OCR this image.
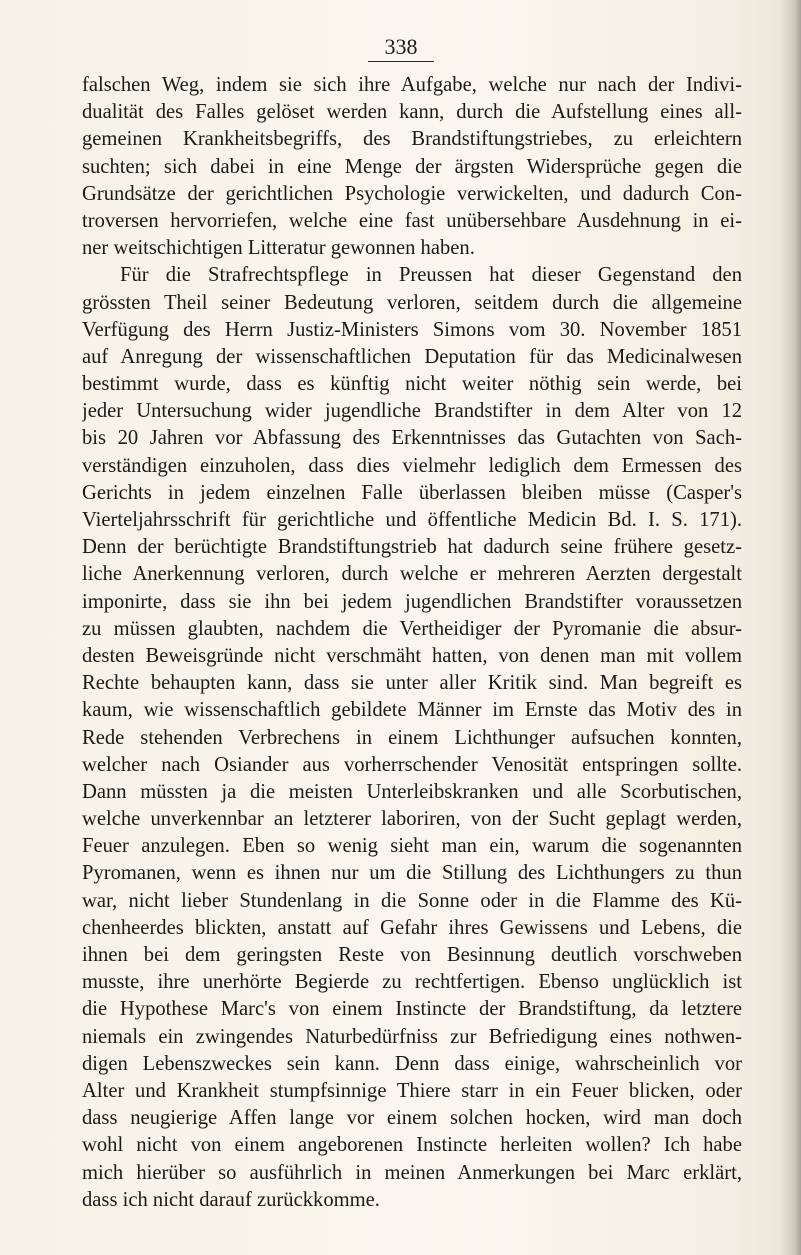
338
falschen Weg, indem sie sich ihre Aufgabe, welche nur nach der Indivi-
dualität des Falles gelöset werden kann, durch die Aufstellung eines all-
gemeinen Krankheitsbegriffs, des Brandstiftungstriebes, zu erleichtern
suchten; sich dabei in eine Menge der ärgsten Widersprüche gegen die
Grundsätze der gerichtlichen Psychologie verwickelten, und dadurch Con-
troversen hervorriefen, welche eine fast unübersehbare Ausdehnung in ei-
ner weitschichtigen Litteratur gewonnen haben.
Für die Strafrechtspflege in Preussen hat dieser Gegenstand den
grössten Theil seiner Bedeutung verloren, seitdem durch die allgemeine
Verfügung des Herrn Justiz-Ministers Simons vom 30. November 1851
auf Anregung der wissenschaftlichen Deputation für das Medicinalwesen
bestimmt wurde, dass es künftig nicht weiter nöthig sein werde, bei
jeder Untersuchung wider jugendliche Brandstifter in dem Alter von 12
bis 20 Jahren vor Abfassung des Erkenntnisses das Gutachten von Sach-
verständigen einzuholen, dass dies vielmehr lediglich dem Ermessen des
Gerichts in jedem einzelnen Falle überlassen bleiben müsse (Casper's
Vierteljahrsschrift für gerichtliche und öffentliche Medicin Bd. I. S. 171).
Denn der berüchtigte Brandstiftungstrieb hat dadurch seine frühere gesetz-
liche Anerkennung verloren, durch welche er mehreren Aerzten dergestalt
imponirte, dass sie ihn bei jedem jugendlichen Brandstifter voraussetzen
zu müssen glaubten, nachdem die Vertheidiger der Pyromanie die absur-
desten Beweisgründe nicht verschmäht hatten, von denen man mit vollem
Rechte behaupten kann, dass sie unter aller Kritik sind. Man begreift es
kaum, wie wissenschaftlich gebildete Männer im Ernste das Motiv des in
Rede stehenden Verbrechens in einem Lichthunger aufsuchen konnten,
welcher nach Osiander aus vorherrschender Venosität entspringen sollte.
Dann müssten ja die meisten Unterleibskranken und alle Scorbutischen,
welche unverkennbar an letzterer laboriren, von der Sucht geplagt werden,
Feuer anzulegen. Eben so wenig sieht man ein, warum die sogenannten
Pyromanen, wenn es ihnen nur um die Stillung des Lichthungers zu thun
war, nicht lieber Stundenlang in die Sonne oder in die Flamme des Kü-
chenheerdes blickten, anstatt auf Gefahr ihres Gewissens und Lebens, die
ihnen bei dem geringsten Reste von Besinnung deutlich vorschweben
musste, ihre unerhörte Begierde zu rechtfertigen. Ebenso unglücklich ist
die Hypothese Marc's von einem Instincte der Brandstiftung, da letztere
niemals ein zwingendes Naturbedürfniss zur Befriedigung eines nothwen-
digen Lebenszweckes sein kann. Denn dass einige, wahrscheinlich vor
Alter und Krankheit stumpfsinnige Thiere starr in ein Feuer blicken, oder
dass neugierige Affen lange vor einem solchen hocken, wird man doch
wohl nicht von einem angeborenen Instincte herleiten wollen? Ich habe
mich hierüber so ausführlich in meinen Anmerkungen bei Marc erklärt,
dass ich nicht darauf zurückkomme.
